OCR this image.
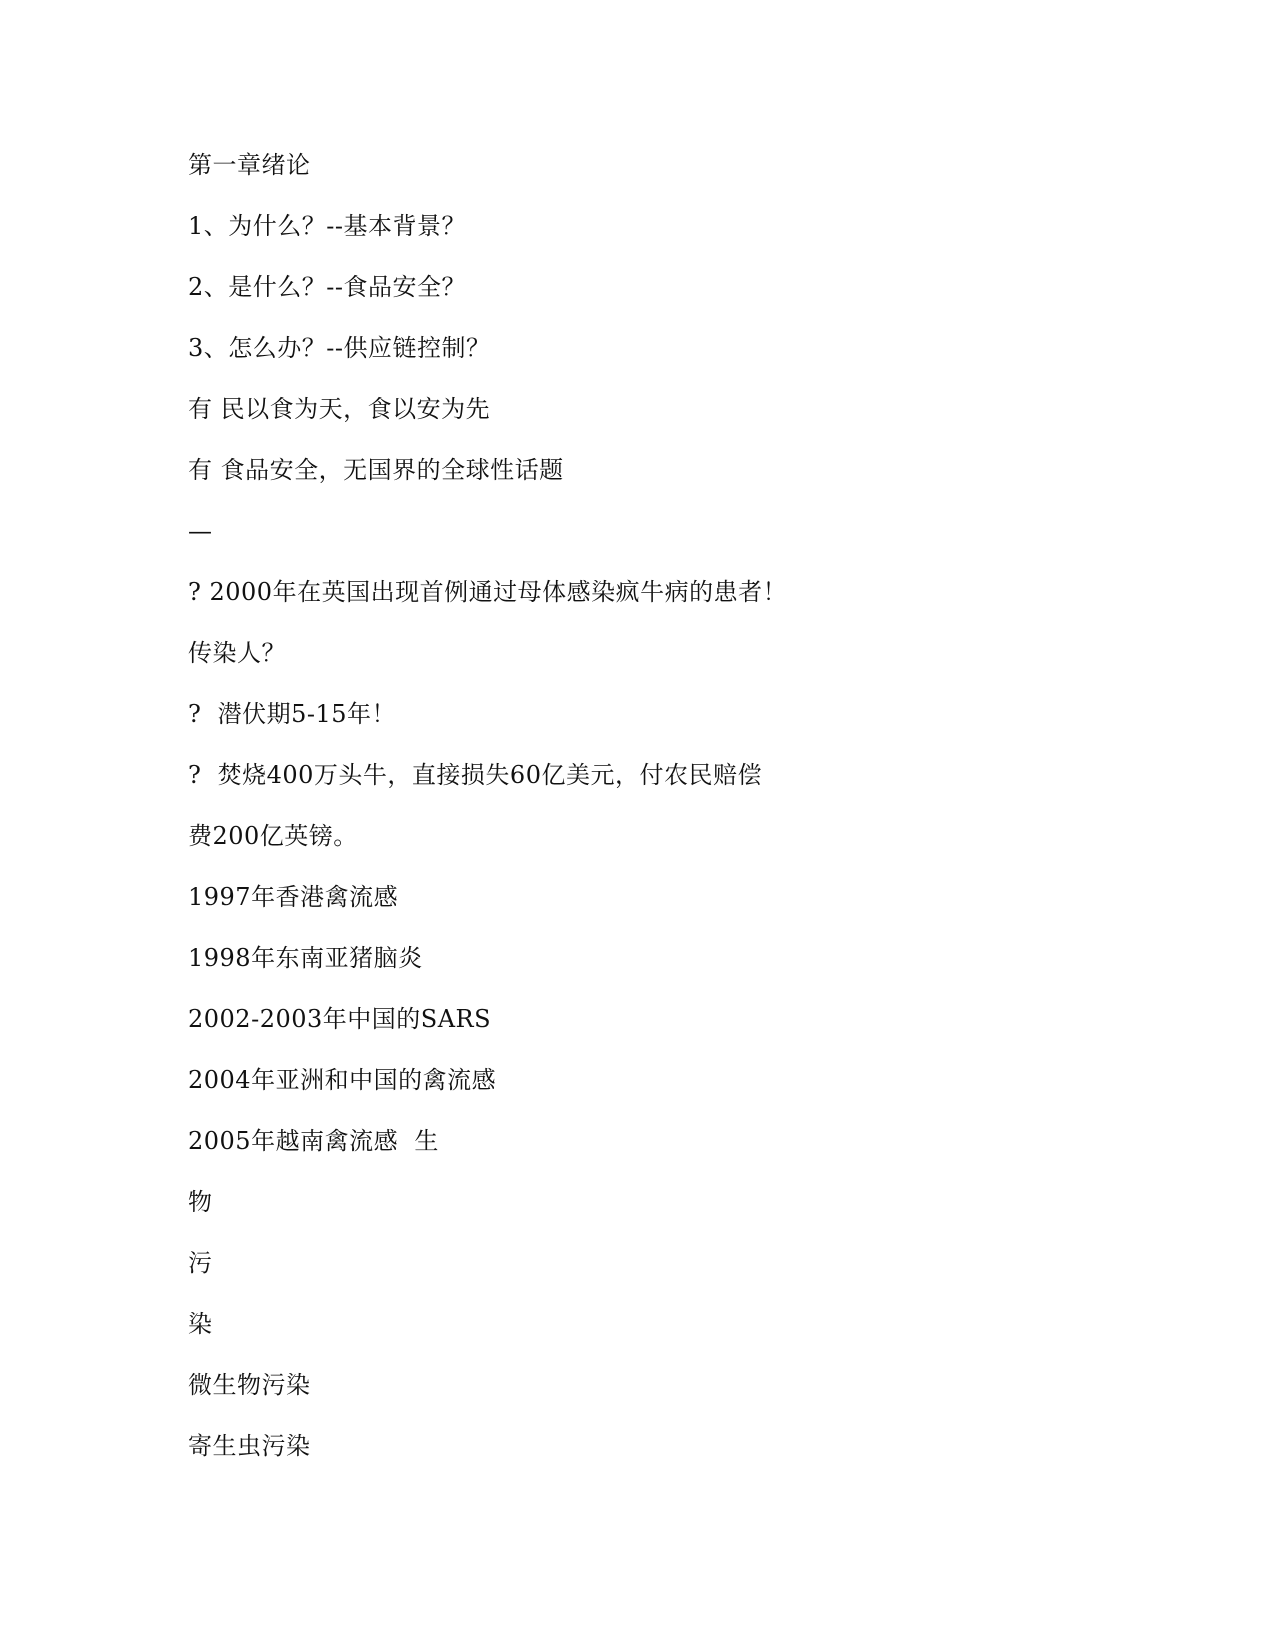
第一章绪论
1、为什么？--基本背景？
2、是什么？--食品安全？
3、怎么办？--供应链控制？
有 民以食为天，食以安为先
有 食品安全，无国界的全球性话题
—
? 2000年在英国出现首例通过母体感染疯牛病的患者！
传染人？
?  潜伏期5-15年！
?  焚烧400万头牛，直接损失60亿美元，付农民赔偿
费200亿英镑。
1997年香港禽流感
1998年东南亚猪脑炎
2002-2003年中国的SARS
2004年亚洲和中国的禽流感
2005年越南禽流感  生
物
污
染
微生物污染
寄生虫污染
